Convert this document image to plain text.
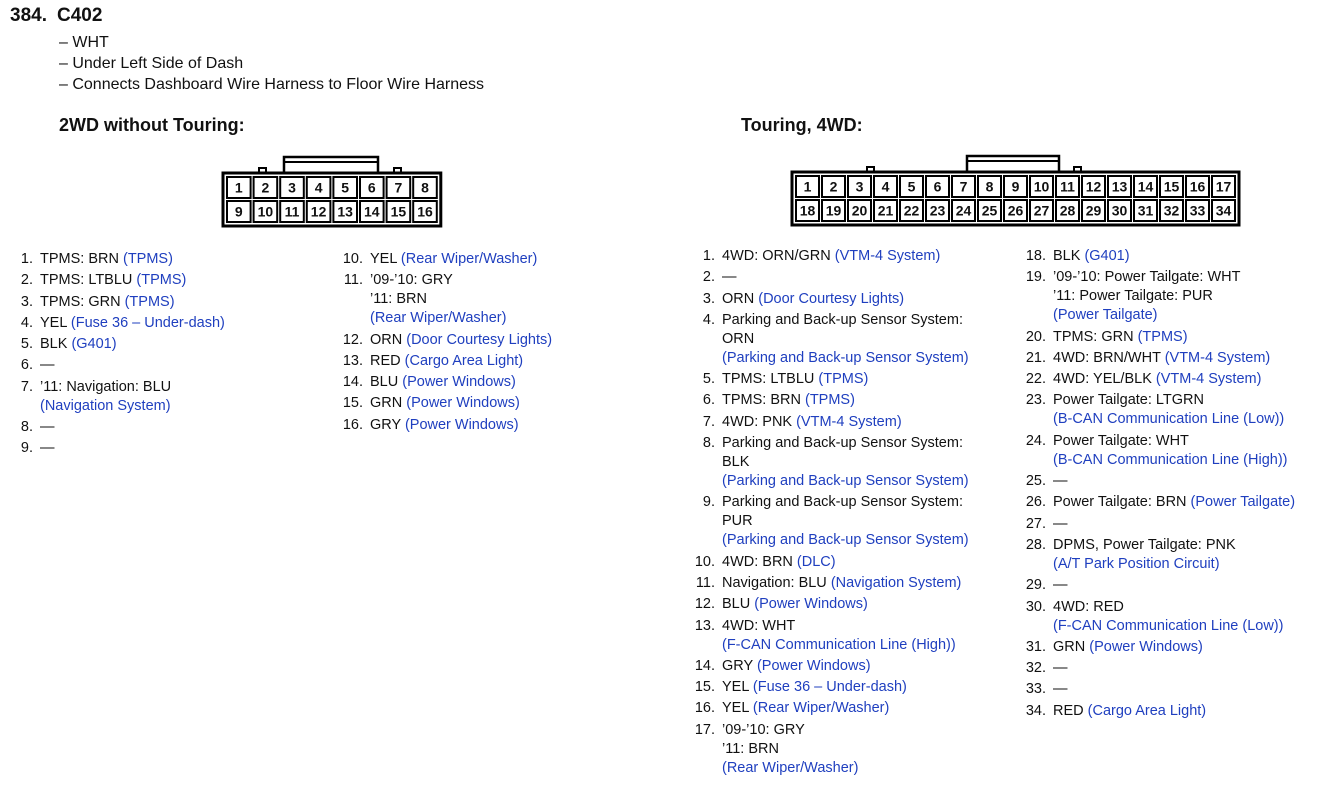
384. C402
– WHT
– Under Left Side of Dash
– Connects Dashboard Wire Harness to Floor Wire Harness
2WD without Touring:
1 2 3 4 5 6 7 8
9 10 11 12 13 14 15 16
1. TPMS: BRN (TPMS)
2. TPMS: LTBLU (TPMS)
3. TPMS: GRN (TPMS)
4. YEL (Fuse 36 – Under-dash)
5. BLK (G401)
6. —
7. ’11: Navigation: BLU
(Navigation System)
8. —
9. —
10. YEL (Rear Wiper/Washer)
11. ’09-’10: GRY
’11: BRN
(Rear Wiper/Washer)
12. ORN (Door Courtesy Lights)
13. RED (Cargo Area Light)
14. BLU (Power Windows)
15. GRN (Power Windows)
16. GRY (Power Windows)
Touring, 4WD:
1 2 3 4 5 6 7 8 9 10 11 12 13 14 15 16 17
18 19 20 21 22 23 24 25 26 27 28 29 30 31 32 33 34
1. 4WD: ORN/GRN (VTM-4 System)
2. —
3. ORN (Door Courtesy Lights)
4. Parking and Back-up Sensor System:
ORN
(Parking and Back-up Sensor System)
5. TPMS: LTBLU (TPMS)
6. TPMS: BRN (TPMS)
7. 4WD: PNK (VTM-4 System)
8. Parking and Back-up Sensor System:
BLK
(Parking and Back-up Sensor System)
9. Parking and Back-up Sensor System:
PUR
(Parking and Back-up Sensor System)
10. 4WD: BRN (DLC)
11. Navigation: BLU (Navigation System)
12. BLU (Power Windows)
13. 4WD: WHT
(F-CAN Communication Line (High))
14. GRY (Power Windows)
15. YEL (Fuse 36 – Under-dash)
16. YEL (Rear Wiper/Washer)
17. ’09-’10: GRY
’11: BRN
(Rear Wiper/Washer)
18. BLK (G401)
19. ’09-’10: Power Tailgate: WHT
’11: Power Tailgate: PUR
(Power Tailgate)
20. TPMS: GRN (TPMS)
21. 4WD: BRN/WHT (VTM-4 System)
22. 4WD: YEL/BLK (VTM-4 System)
23. Power Tailgate: LTGRN
(B-CAN Communication Line (Low))
24. Power Tailgate: WHT
(B-CAN Communication Line (High))
25. —
26. Power Tailgate: BRN (Power Tailgate)
27. —
28. DPMS, Power Tailgate: PNK
(A/T Park Position Circuit)
29. —
30. 4WD: RED
(F-CAN Communication Line (Low))
31. GRN (Power Windows)
32. —
33. —
34. RED (Cargo Area Light)
